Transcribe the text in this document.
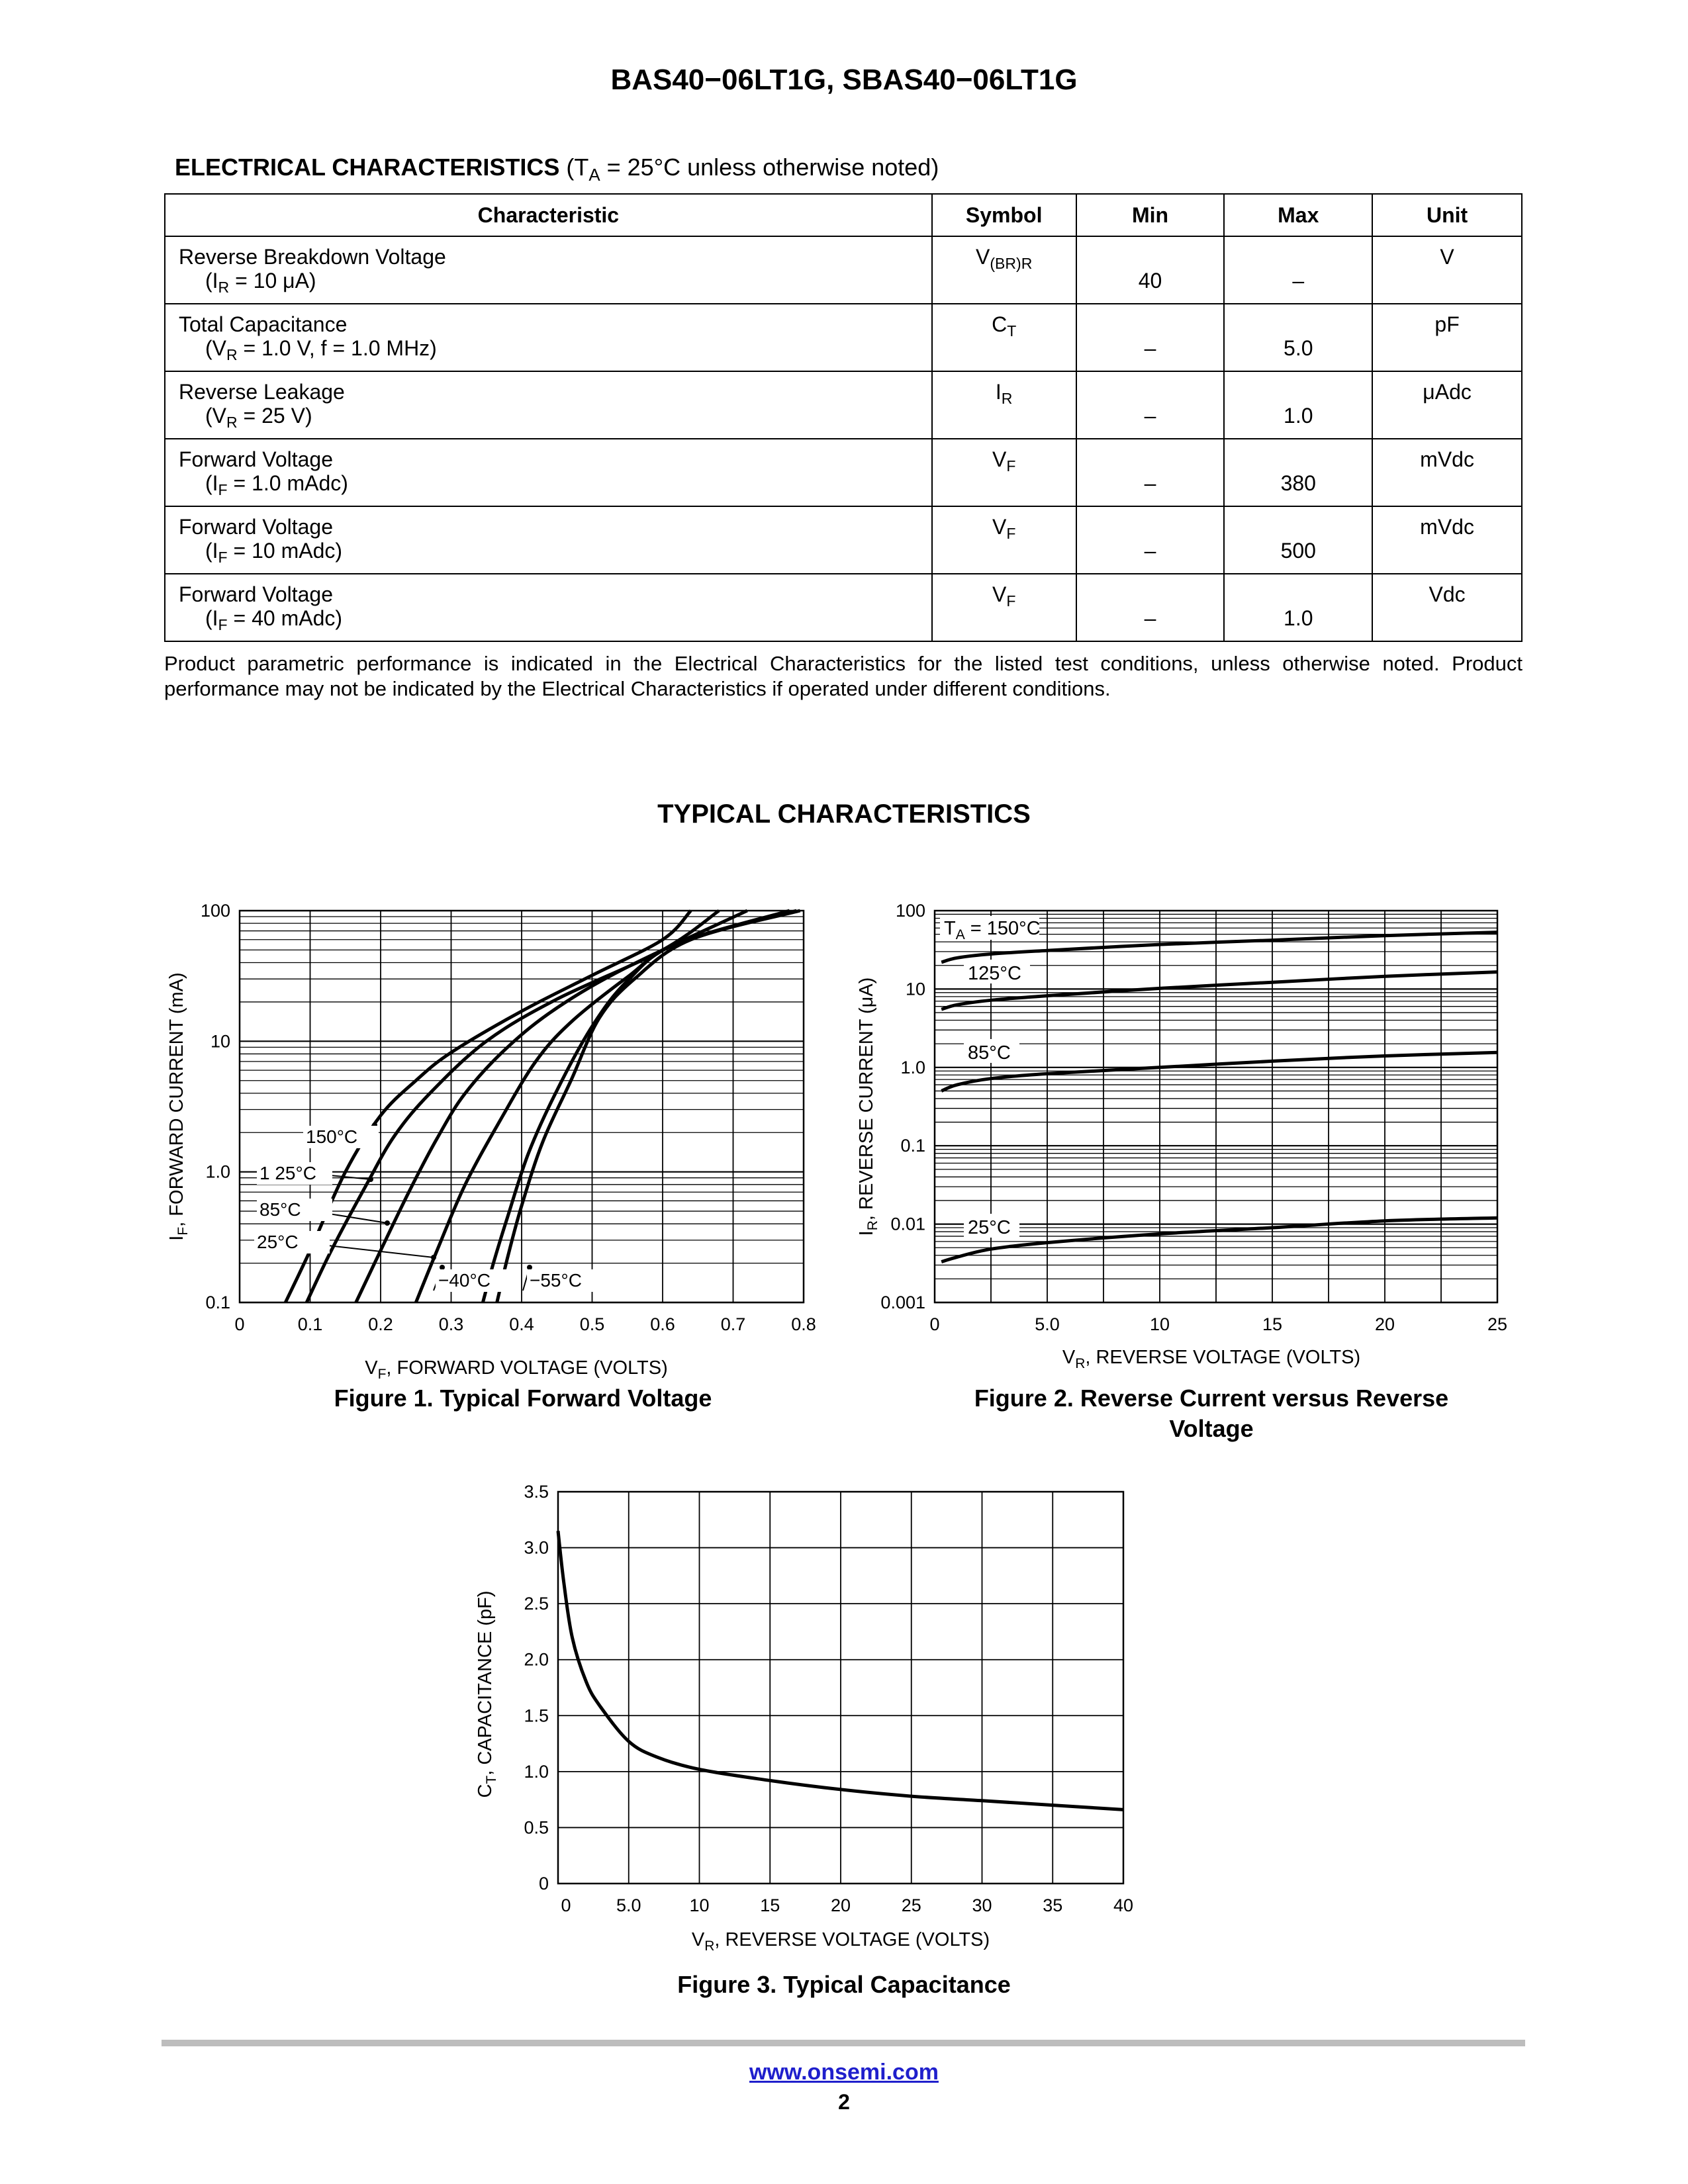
BAS40−06LT1G, SBAS40−06LT1G
ELECTRICAL CHARACTERISTICS ($T_A = 25^\circ C$ unless otherwise noted)
Characteristic	Symbol	Min	Max	Unit

Reverse Breakdown Voltage
($I_R = 10$ μA)	$V_{(BR)R}$	40	–	V

Total Capacitance
($V_R = 1.0$ V, f = 1.0 MHz)	$C_T$	–	5.0	pF

Reverse Leakage
($V_R = 25$ V)	$I_R$	–	1.0	μAdc

Forward Voltage
($I_F = 1.0$ mAdc)	$V_F$	–	380	mVdc

Forward Voltage
($I_F = 10$ mAdc)	$V_F$	–	500	mVdc

Forward Voltage
($I_F = 40$ mAdc)	$V_F$	–	1.0	Vdc
Product parametric performance is indicated in the Electrical Characteristics for the listed test conditions, unless otherwise noted. Product performance may not be indicated by the Electrical Characteristics if operated under different conditions.
TYPICAL CHARACTERISTICS
0	0.1	0.2	0.3	0.4	0.5	0.6	0.7	0.8
0.1
1.0
10
100
$V_F$, FORWARD VOLTAGE (VOLTS)
$I_F$, FORWARD CURRENT (mA)	150°C
1 25°C
85°C
25°C
−40°C −55°C
$T_A = 150^\circ C$
0	5.0	10	15	20	25
0.001
0.01
0.1
1.0
10
100
$V_R$, REVERSE VOLTAGE (VOLTS)
$I_R$, REVERSE CURRENT (μA)
125°C
85°C
25°C
0	5.0	10	15	20	25	30	35	40
0
0.5
1.0
1.5
2.0
2.5
3.0
3.5
$V_R$, REVERSE VOLTAGE (VOLTS)
$C_T$, CAPACITANCE (pF)
Figure 1. Typical Forward Voltage	Figure 2. Reverse Current versus Reverse Voltage
Figure 3. Typical Capacitance
www.onsemi.com
2
